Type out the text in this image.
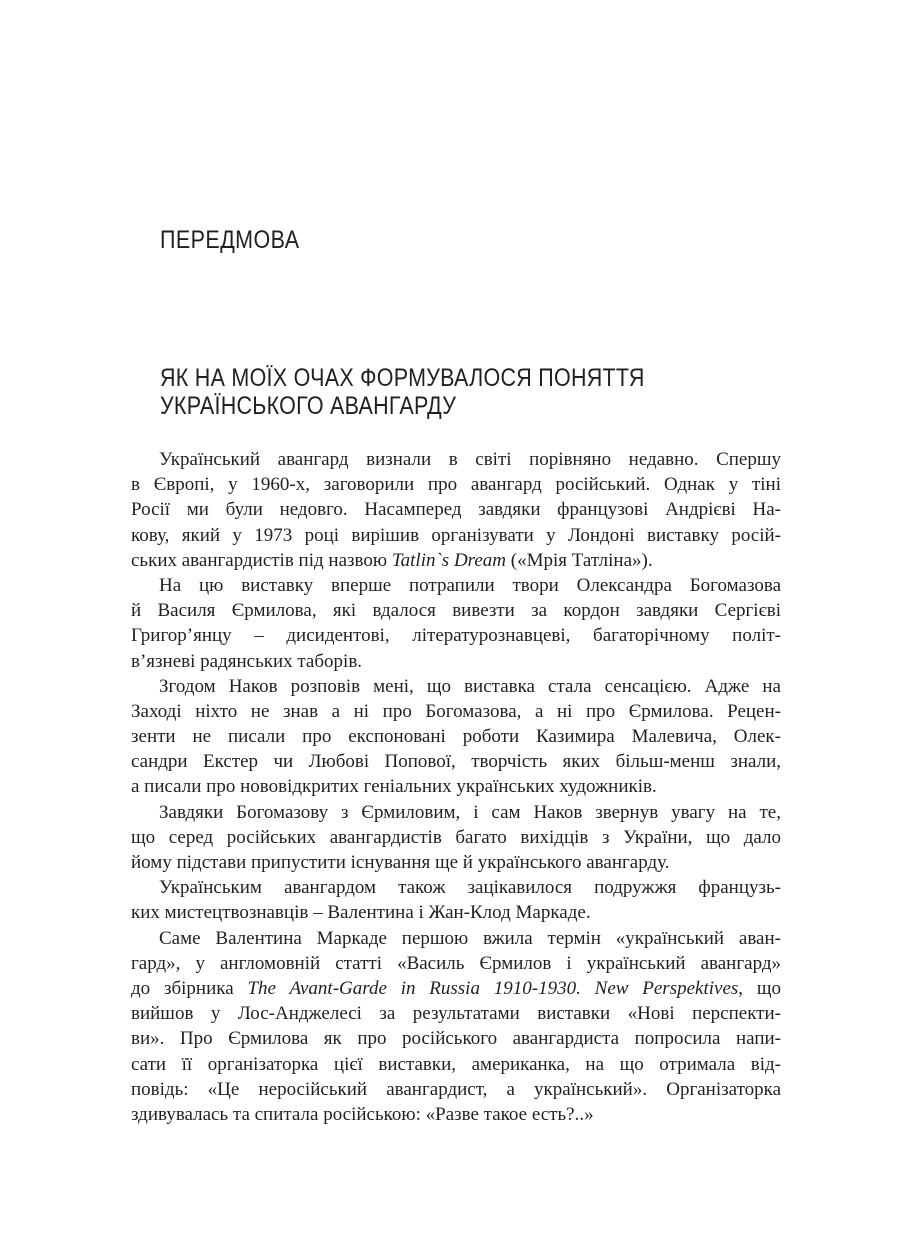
ПЕРЕДМОВА
ЯК НА МОЇХ ОЧАХ ФОРМУВАЛОСЯ ПОНЯТТЯ
УКРАЇНСЬКОГО АВАНГАРДУ
Український авангард визнали в світі порівняно недавно. Спершу
в Європі, у 1960-х, заговорили про авангард російський. Однак у тіні
Росії ми були недовго. Насамперед завдяки французові Андрієві На-
кову, який у 1973 році вирішив організувати у Лондоні виставку росій-
ських авангардистів під назвою Tatlin`s Dream («Мрія Татліна»).
На цю виставку вперше потрапили твори Олександра Богомазова
й Василя Єрмилова, які вдалося вивезти за кордон завдяки Сергієві
Григор’янцу – дисидентові, літературознавцеві, багаторічному політ-
в’язневі радянських таборів.
Згодом Наков розповів мені, що виставка стала сенсацією. Адже на
Заході ніхто не знав а ні про Богомазова, а ні про Єрмилова. Рецен-
зенти не писали про експоновані роботи Казимира Малевича, Олек-
сандри Екстер чи Любові Попової, творчість яких більш-менш знали,
а писали про нововідкритих геніальних українських художників.
Завдяки Богомазову з Єрмиловим, і сам Наков звернув увагу на те,
що серед російських авангардистів багато вихідців з України, що дало
йому підстави припустити існування ще й українського авангарду.
Українським авангардом також зацікавилося подружжя французь-
ких мистецтвознавців – Валентина і Жан-Клод Маркаде.
Саме Валентина Маркаде першою вжила термін «український аван-
гард», у англомовній статті «Василь Єрмилов і український авангард»
до збірника The Avant-Garde in Russia 1910-1930. New Perspektives, що
вийшов у Лос-Анджелесі за результатами виставки «Нові перспекти-
ви». Про Єрмилова як про російського авангардиста попросила напи-
сати її організаторка цієї виставки, американка, на що отримала від-
повідь: «Це неросійський авангардист, а український». Організаторка
здивувалась та спитала російською: «Разве такое есть?..»
